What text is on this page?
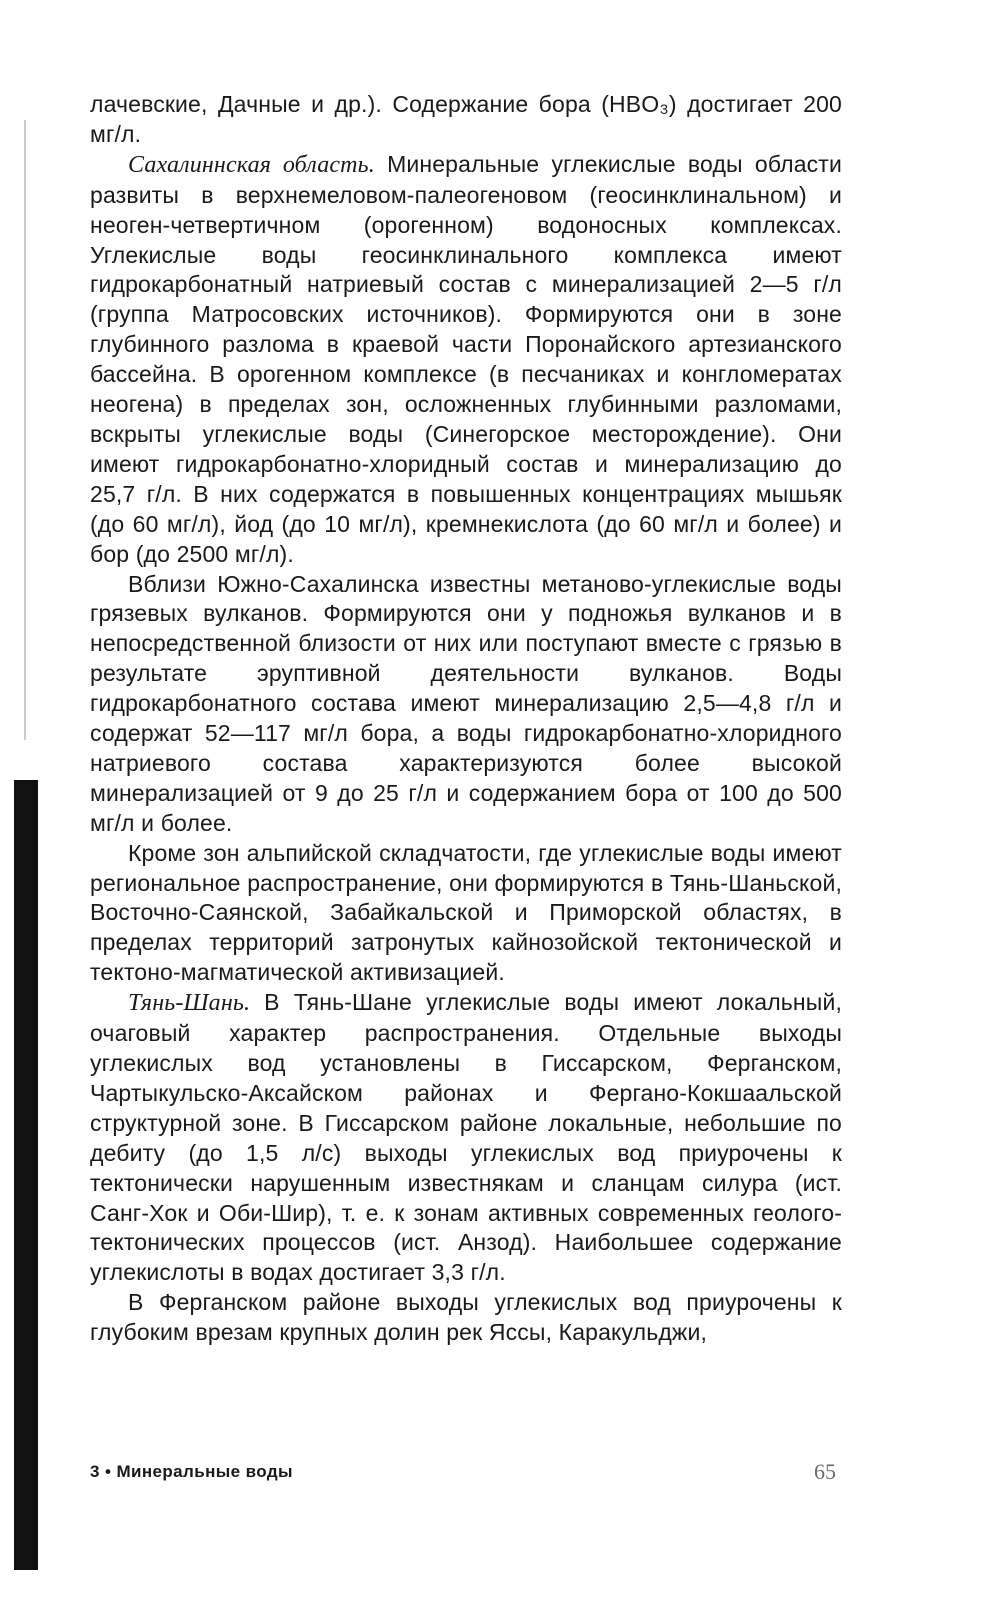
лачевские, Дачные и др.). Содержание бора (HBO₃) достигает 200 мг/л.

Сахалиннская область. Минеральные углекислые воды области развиты в верхнемеловом-палеогеновом (геосинклинальном) и неоген-четвертичном (орогенном) водоносных комплексах. Углекислые воды геосинклинального комплекса имеют гидрокарбонатный натриевый состав с минерализацией 2—5 г/л (группа Матросовских источников). Формируются они в зоне глубинного разлома в краевой части Поронайского артезианского бассейна. В орогенном комплексе (в песчаниках и конгломератах неогена) в пределах зон, осложненных глубинными разломами, вскрыты углекислые воды (Синегорское месторождение). Они имеют гидрокарбонатно-хлоридный состав и минерализацию до 25,7 г/л. В них содержатся в повышенных концентрациях мышьяк (до 60 мг/л), йод (до 10 мг/л), кремнекислота (до 60 мг/л и более) и бор (до 2500 мг/л).

Вблизи Южно-Сахалинска известны метаново-углекислые воды грязевых вулканов. Формируются они у подножья вулканов и в непосредственной близости от них или поступают вместе с грязью в результате эруптивной деятельности вулканов. Воды гидрокарбонатного состава имеют минерализацию 2,5—4,8 г/л и содержат 52—117 мг/л бора, а воды гидрокарбонатно-хлоридного натриевого состава характеризуются более высокой минерализацией от 9 до 25 г/л и содержанием бора от 100 до 500 мг/л и более.

Кроме зон альпийской складчатости, где углекислые воды имеют региональное распространение, они формируются в Тянь-Шаньской, Восточно-Саянской, Забайкальской и Приморской областях, в пределах территорий затронутых кайнозойской тектонической и тектоно-магматической активизацией.

Тянь-Шань. В Тянь-Шане углекислые воды имеют локальный, очаговый характер распространения. Отдельные выходы углекислых вод установлены в Гиссарском, Ферганском, Чартыкульско-Аксайском районах и Фергано-Кокшаальской структурной зоне. В Гиссарском районе локальные, небольшие по дебиту (до 1,5 л/с) выходы углекислых вод приурочены к тектонически нарушенным известнякам и сланцам силура (ист. Санг-Хок и Оби-Шир), т. е. к зонам активных современных геолого-тектонических процессов (ист. Анзод). Наибольшее содержание углекислоты в водах достигает 3,3 г/л.

В Ферганском районе выходы углекислых вод приурочены к глубоким врезам крупных долин рек Яссы, Каракульджи,

3 • Минеральные воды	65
